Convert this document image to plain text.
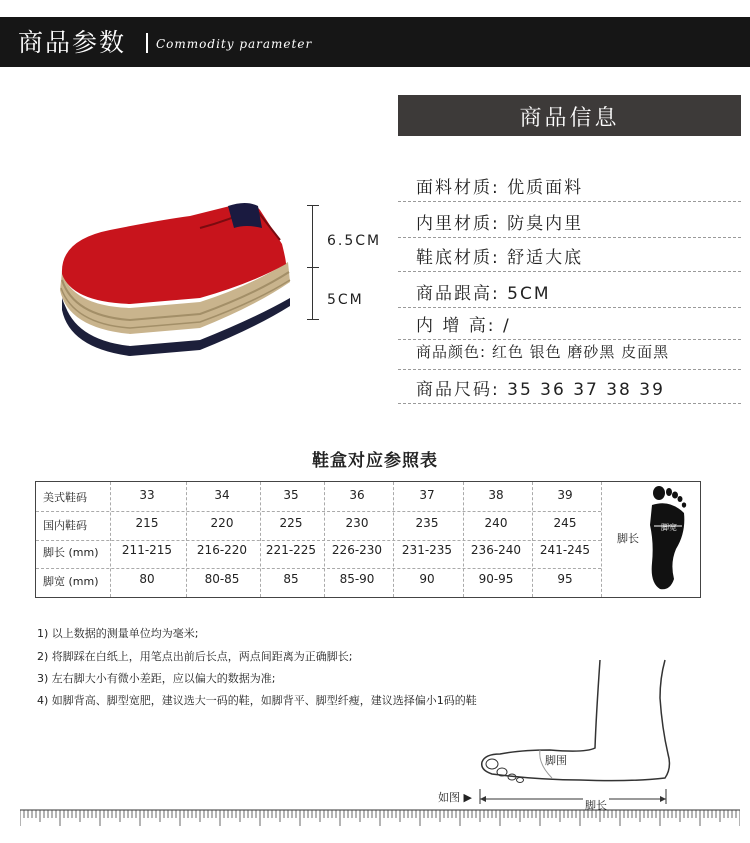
商品参数 Commodity parameter
商品信息
面料材质: 优质面料
内里材质: 防臭内里
鞋底材质: 舒适大底
商品跟高: 5CM
内 增 高: /
商品颜色: 红色 银色 磨砂黑 皮面黑
商品尺码: 35 36 37 38 39
6.5CM
5CM
鞋盒对应参照表
美式鞋码	33	34	35	36	37	38	39
国内鞋码	215	220	225	230	235	240	245
脚长 (mm)	211-215	216-220	221-225	226-230	231-235	236-240	241-245
脚宽 (mm)	80	80-85	85	85-90	90	90-95	95
脚宽
脚长
1) 以上数据的测量单位均为毫米;
2) 将脚踩在白纸上，用笔点出前后长点，两点间距离为正确脚长;
3) 左右脚大小有微小差距，应以偏大的数据为准;
4) 如脚背高、脚型宽肥，建议选大一码的鞋，如脚背平、脚型纤瘦，建议选择偏小1码的鞋
脚围
脚长
如图 ▶
